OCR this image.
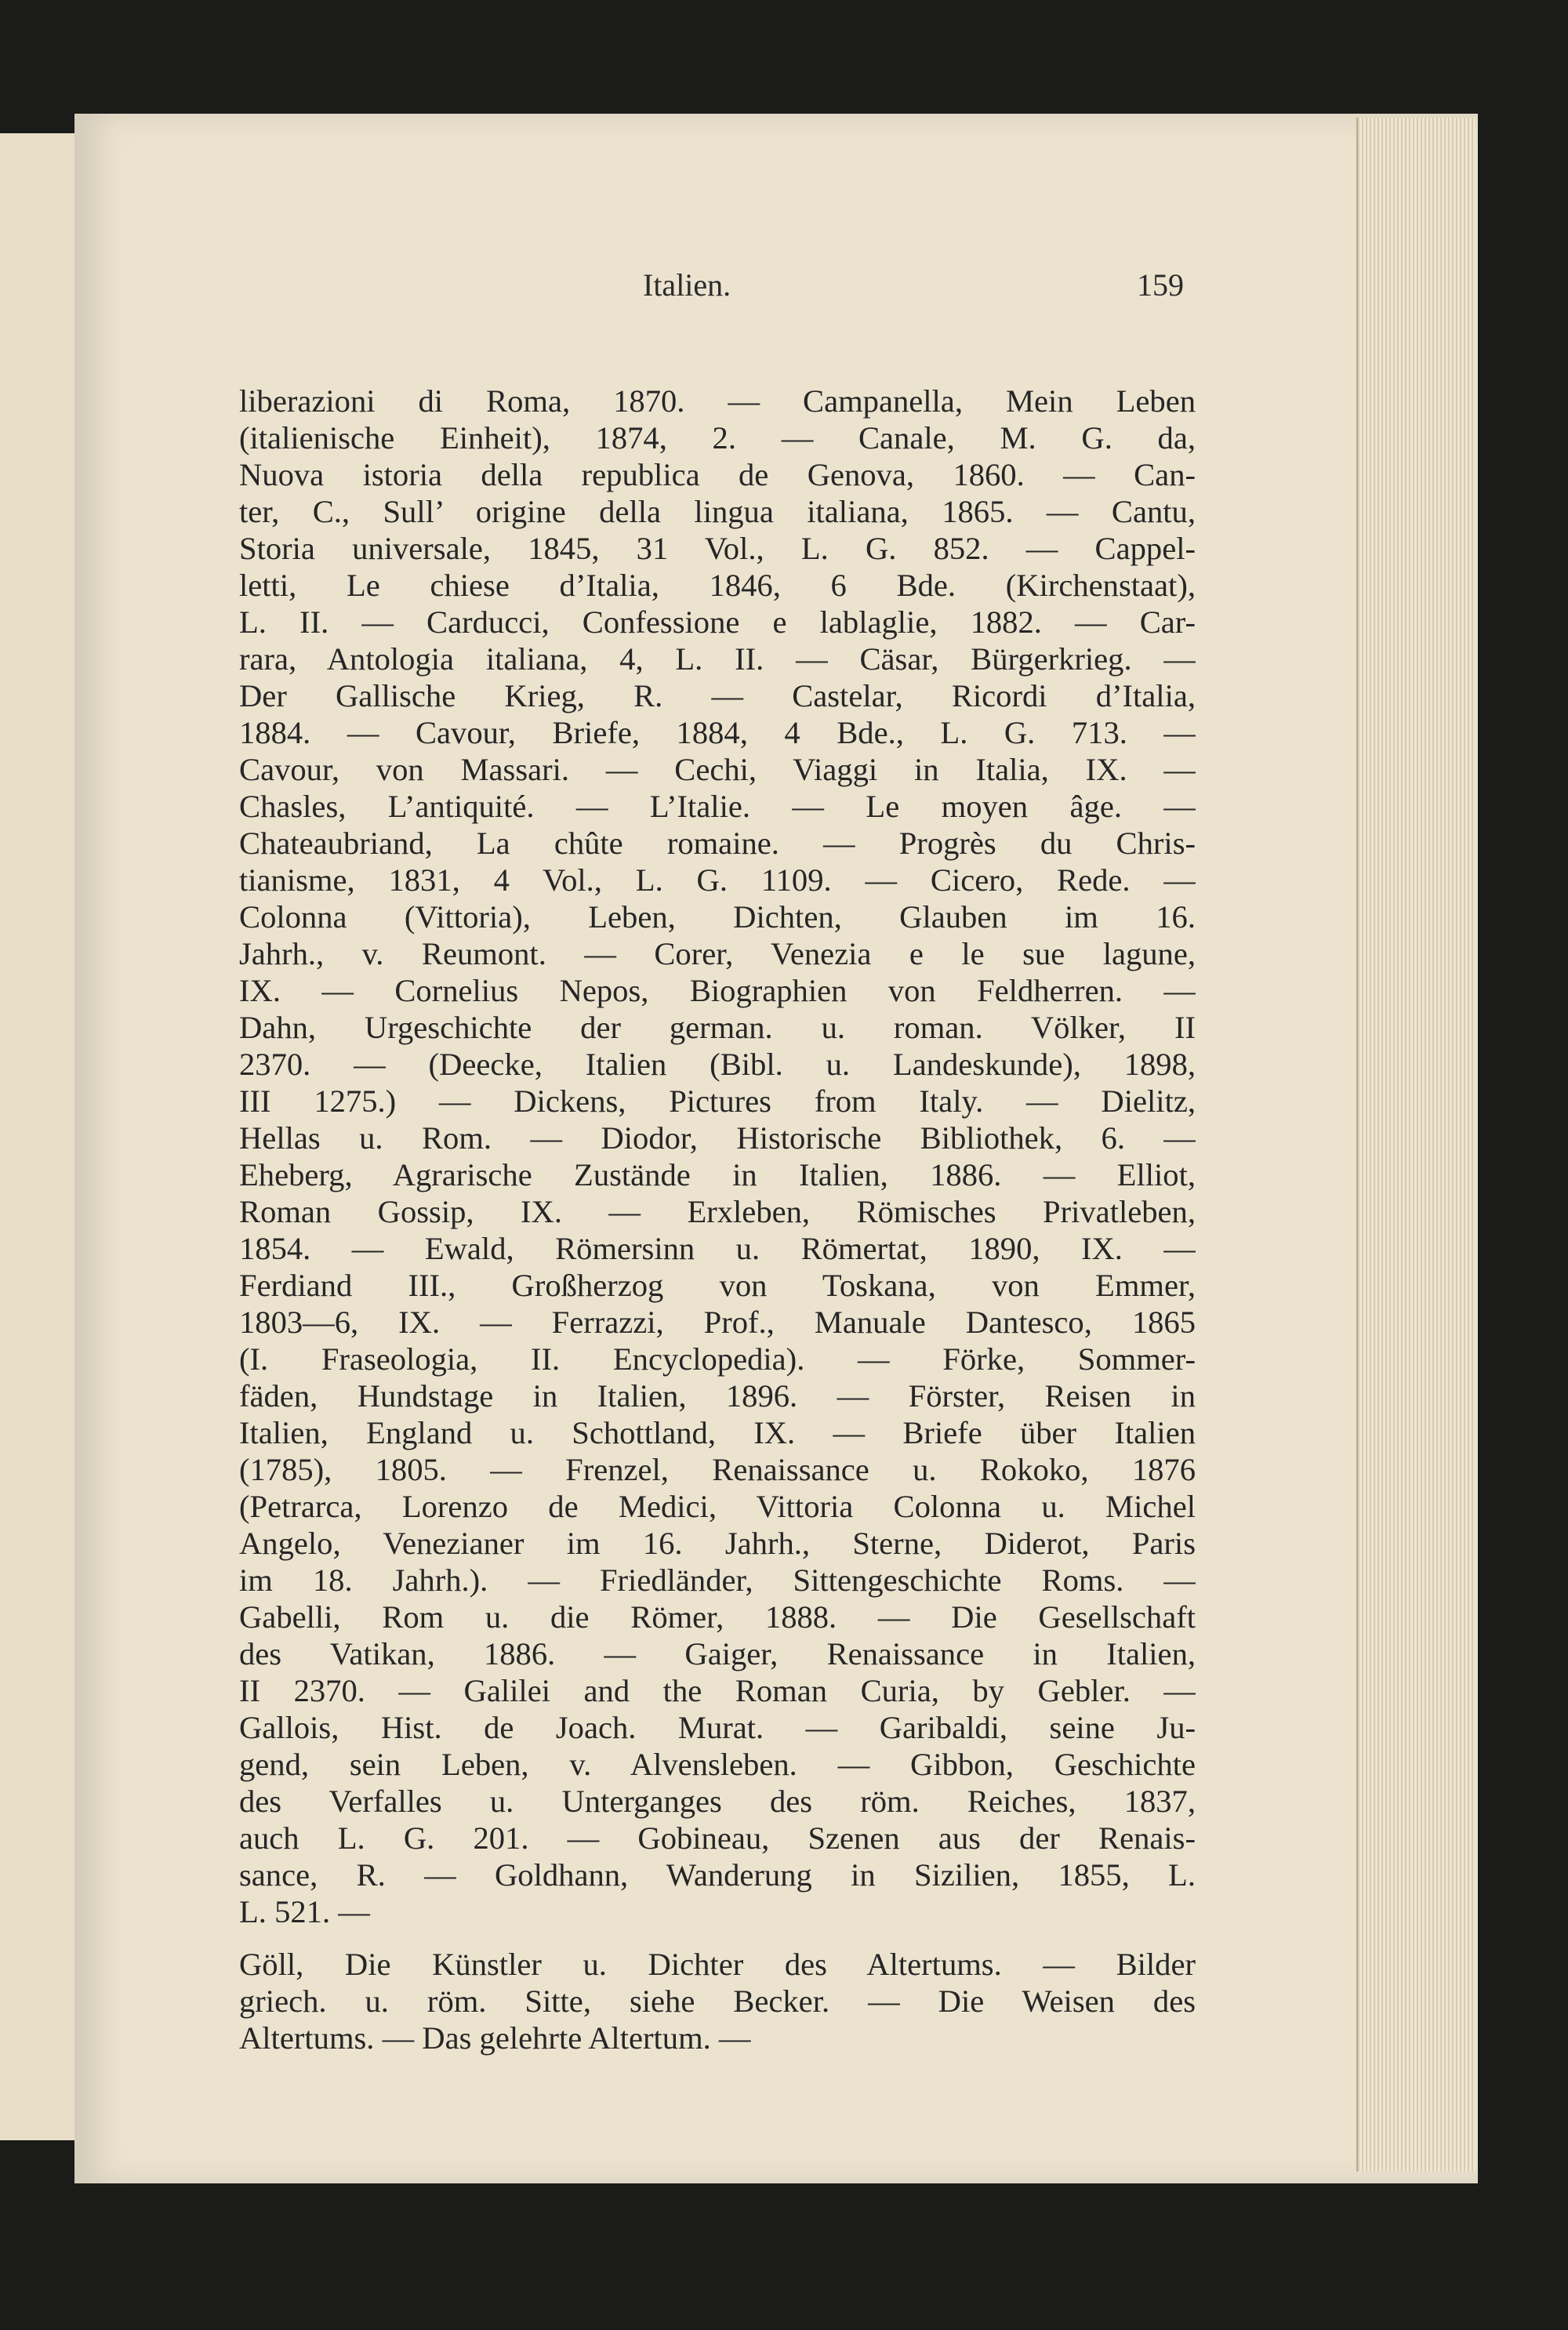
Italien.	159
liberazioni di Roma, 1870. — Campanella, Mein Leben
(italienische Einheit), 1874, 2. — Canale, M. G. da,
Nuova istoria della republica de Genova, 1860. — Can-
ter, C., Sull’ origine della lingua italiana, 1865. — Cantu,
Storia universale, 1845, 31 Vol., L. G. 852. — Cappel-
letti, Le chiese d’Italia, 1846, 6 Bde. (Kirchenstaat),
L. II. — Carducci, Confessione e lablaglie, 1882. — Car-
rara, Antologia italiana, 4, L. II. — Cäsar, Bürgerkrieg. —
Der Gallische Krieg, R. — Castelar, Ricordi d’Italia,
1884. — Cavour, Briefe, 1884, 4 Bde., L. G. 713. —
Cavour, von Massari. — Cechi, Viaggi in Italia, IX. —
Chasles, L’antiquité. — L’Italie. — Le moyen âge. —
Chateaubriand, La chûte romaine. — Progrès du Chris-
tianisme, 1831, 4 Vol., L. G. 1109. — Cicero, Rede. —
Colonna (Vittoria), Leben, Dichten, Glauben im 16.
Jahrh., v. Reumont. — Corer, Venezia e le sue lagune,
IX. — Cornelius Nepos, Biographien von Feldherren. —
Dahn, Urgeschichte der german. u. roman. Völker, II
2370. — (Deecke, Italien (Bibl. u. Landeskunde), 1898,
III 1275.) — Dickens, Pictures from Italy. — Dielitz,
Hellas u. Rom. — Diodor, Historische Bibliothek, 6. —
Eheberg, Agrarische Zustände in Italien, 1886. — Elliot,
Roman Gossip, IX. — Erxleben, Römisches Privatleben,
1854. — Ewald, Römersinn u. Römertat, 1890, IX. —
Ferdiand III., Großherzog von Toskana, von Emmer,
1803—6, IX. — Ferrazzi, Prof., Manuale Dantesco, 1865
(I. Fraseologia, II. Encyclopedia). — Förke, Sommer-
fäden, Hundstage in Italien, 1896. — Förster, Reisen in
Italien, England u. Schottland, IX. — Briefe über Italien
(1785), 1805. — Frenzel, Renaissance u. Rokoko, 1876
(Petrarca, Lorenzo de Medici, Vittoria Colonna u. Michel
Angelo, Venezianer im 16. Jahrh., Sterne, Diderot, Paris
im 18. Jahrh.). — Friedländer, Sittengeschichte Roms. —
Gabelli, Rom u. die Römer, 1888. — Die Gesellschaft
des Vatikan, 1886. — Gaiger, Renaissance in Italien,
II 2370. — Galilei and the Roman Curia, by Gebler. —
Gallois, Hist. de Joach. Murat. — Garibaldi, seine Ju-
gend, sein Leben, v. Alvensleben. — Gibbon, Geschichte
des Verfalles u. Unterganges des röm. Reiches, 1837,
auch L. G. 201. — Gobineau, Szenen aus der Renais-
sance, R. — Goldhann, Wanderung in Sizilien, 1855, L.
L. 521. —
Göll, Die Künstler u. Dichter des Altertums. — Bilder
griech. u. röm. Sitte, siehe Becker. — Die Weisen des
Altertums. — Das gelehrte Altertum. —
